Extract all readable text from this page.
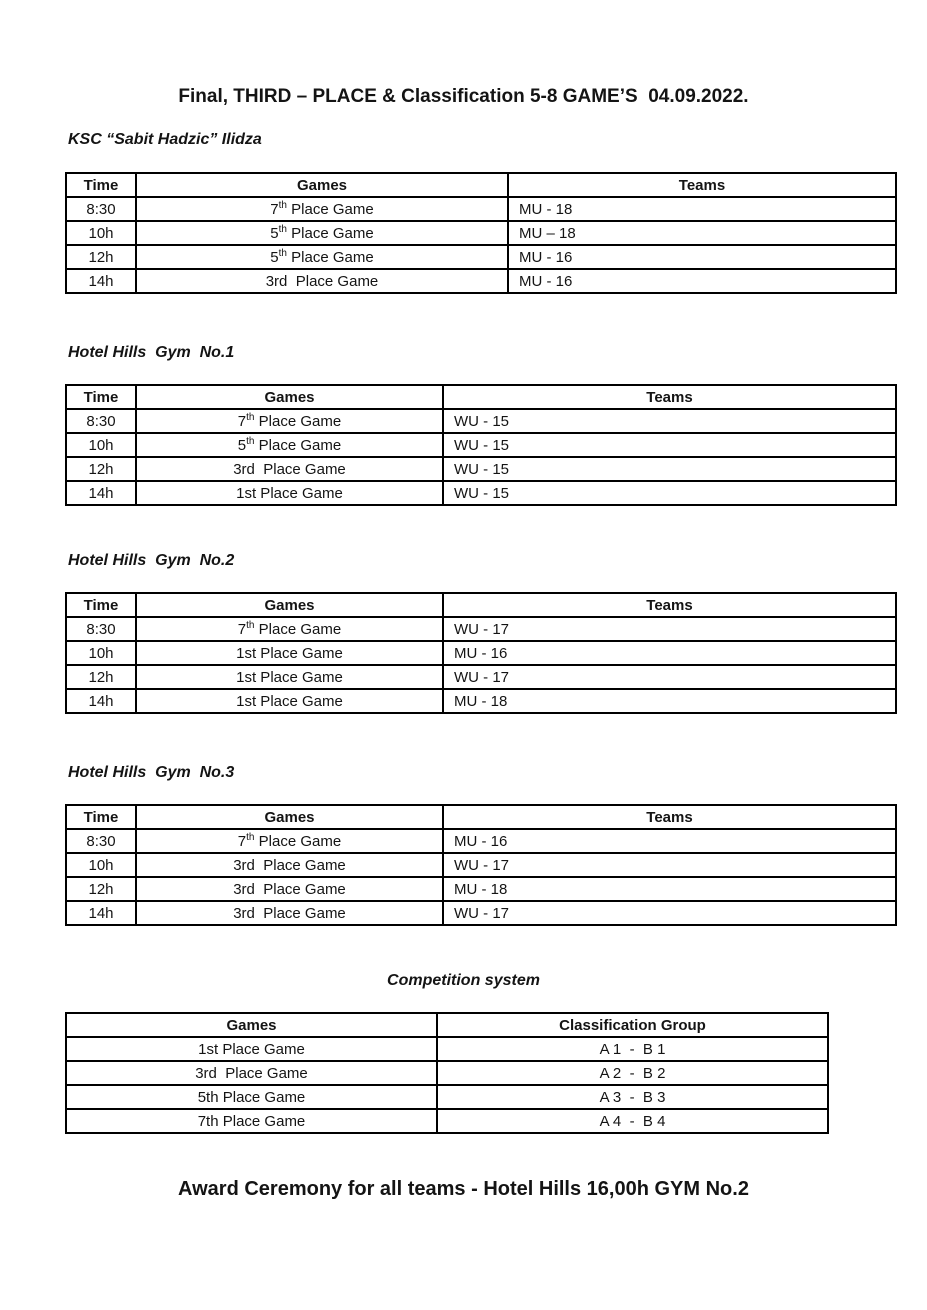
Final, THIRD – PLACE & Classification 5-8 GAME’S  04.09.2022.
KSC “Sabit Hadzic” Ilidza
Time	Games	Teams
8:30	7th Place Game	MU - 18
10h	5th Place Game	MU – 18
12h	5th Place Game	MU - 16
14h	3rd  Place Game	MU - 16
Hotel Hills  Gym  No.1
Time	Games	Teams
8:30	7th Place Game	WU - 15
10h	5th Place Game	WU - 15
12h	3rd  Place Game	WU - 15
14h	1st Place Game	WU - 15
Hotel Hills  Gym  No.2
Time	Games	Teams
8:30	7th Place Game	WU - 17
10h	1st Place Game	MU - 16
12h	1st Place Game	WU - 17
14h	1st Place Game	MU - 18
Hotel Hills  Gym  No.3
Time	Games	Teams
8:30	7th Place Game	MU - 16
10h	3rd  Place Game	WU - 17
12h	3rd  Place Game	MU - 18
14h	3rd  Place Game	WU - 17
Competition system
Games	Classification Group
1st Place Game	A 1  -  B 1
3rd  Place Game	A 2  -  B 2
5th Place Game	A 3  -  B 3
7th Place Game	A 4  -  B 4
Award Ceremony for all teams - Hotel Hills 16,00h GYM No.2
